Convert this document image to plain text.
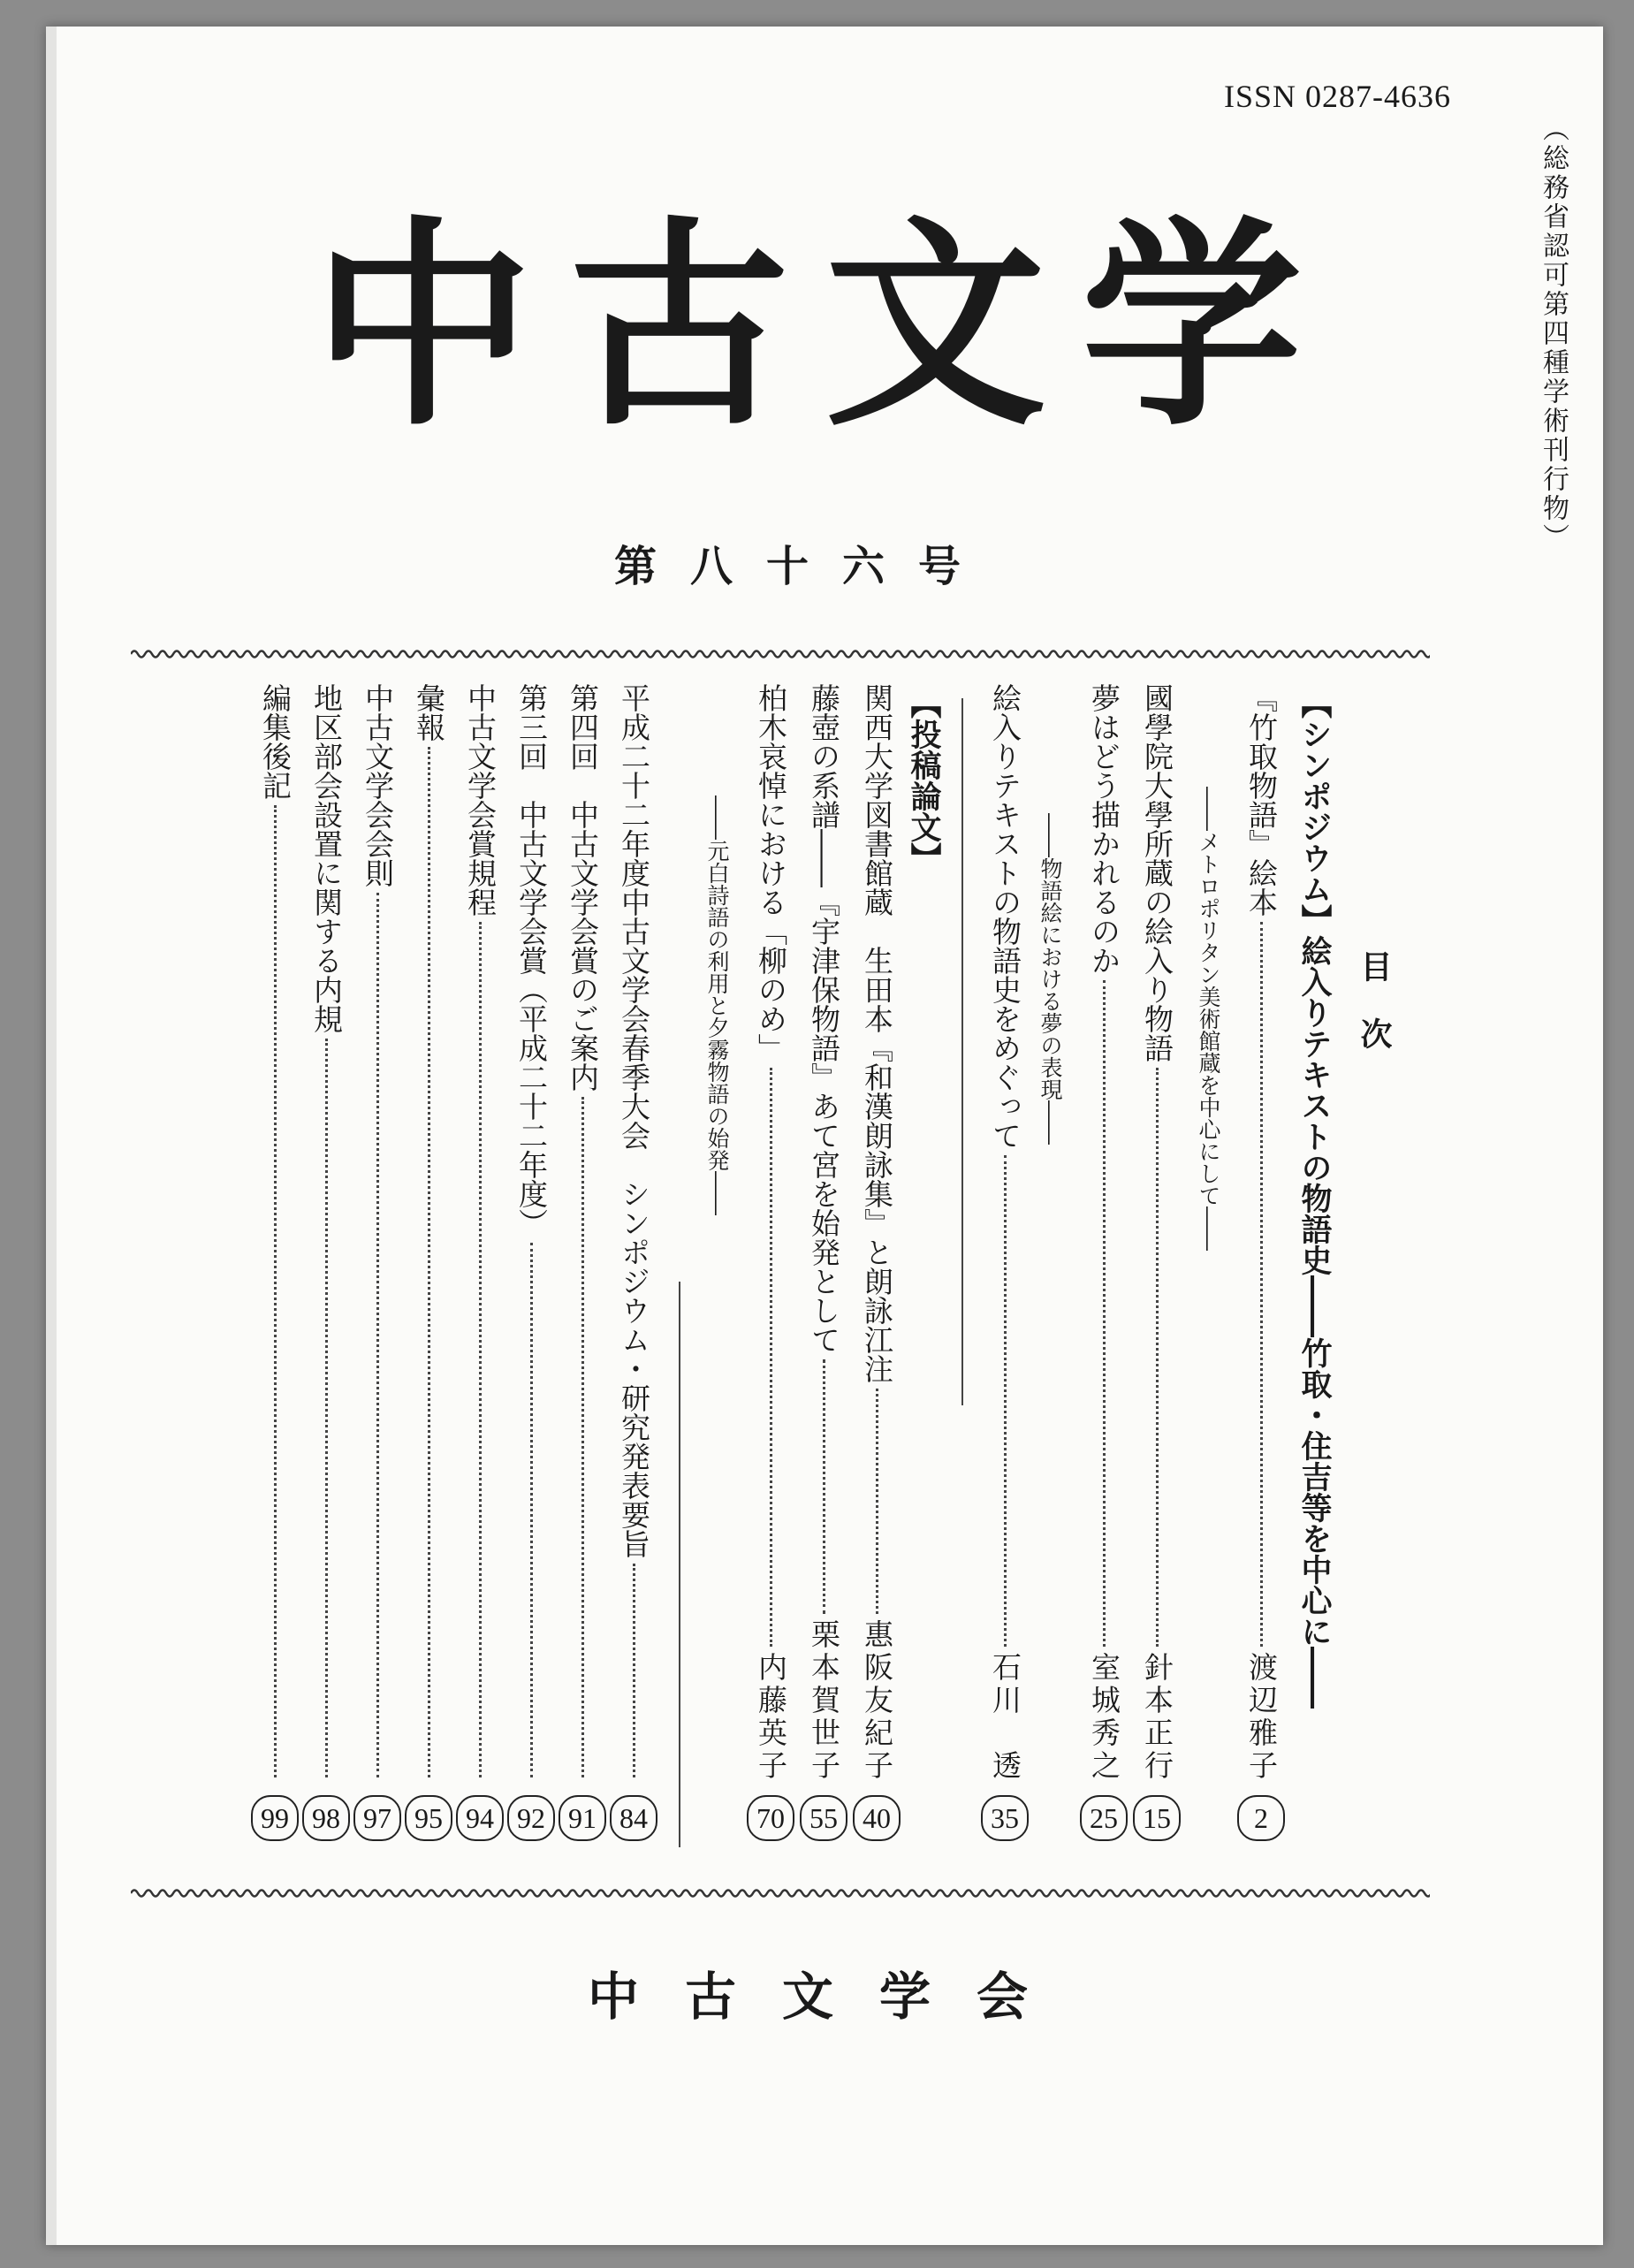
ISSN 0287-4636
（総務省認可第四種学術刊行物）
中古文学
第八十六号
目次
【シンポジウム】絵入りテキストの物語史――竹取・住吉等を中心に――
『竹取物語』絵本
渡辺雅子
2
――メトロポリタン美術館蔵を中心にして――
國學院大學所蔵の絵入り物語
針本正行
15
夢はどう描かれるのか
室城秀之
25
――物語絵における夢の表現――
絵入りテキストの物語史をめぐって
石川　透
35
【投稿論文】
関西大学図書館蔵　生田本『和漢朗詠集』と朗詠江注
惠阪友紀子
40
藤壺の系譜――『宇津保物語』あて宮を始発として
栗本賀世子
55
柏木哀悼における「柳のめ」
内藤英子
70
――元白詩語の利用と夕霧物語の始発――
平成二十二年度中古文学会春季大会　シンポジウム・研究発表要旨
84
第四回　中古文学会賞のご案内
91
第三回　中古文学会賞（平成二十二年度）
92
中古文学会賞規程
94
彙報
95
中古文学会会則
97
地区部会設置に関する内規
98
編集後記
99
中古文学会
